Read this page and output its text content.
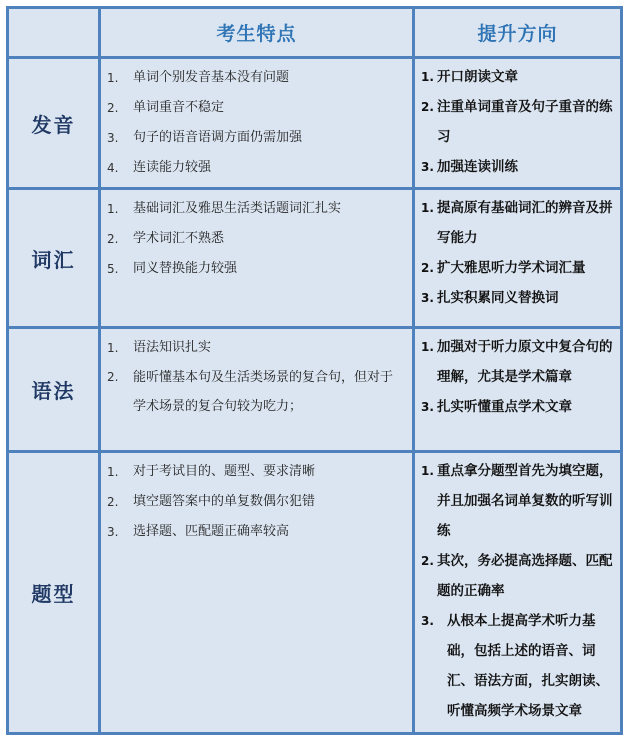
考生特点	提升方向
发音
1.	单词个别发音基本没有问题
2.	单词重音不稳定
3.	句子的语音语调方面仍需加强
4.	连读能力较强
1. 开口朗读文章
2. 注重单词重音及句子重音的练习
3. 加强连读训练
词汇
1.	基础词汇及雅思生活类话题词汇扎实
2.	学术词汇不熟悉
5.	同义替换能力较强
1. 提高原有基础词汇的辨音及拼写能力
2. 扩大雅思听力学术词汇量
3. 扎实积累同义替换词
语法
1.	语法知识扎实
2.	能听懂基本句及生活类场景的复合句，但对于学术场景的复合句较为吃力；
1. 加强对于听力原文中复合句的理解，尤其是学术篇章
3. 扎实听懂重点学术文章
题型
1.	对于考试目的、题型、要求清晰
2.	填空题答案中的单复数偶尔犯错
3.	选择题、匹配题正确率较高
1. 重点拿分题型首先为填空题，并且加强名词单复数的听写训练
2. 其次，务必提高选择题、匹配题的正确率
3. 从根本上提高学术听力基础，包括上述的语音、词汇、语法方面，扎实朗读、听懂高频学术场景文章
